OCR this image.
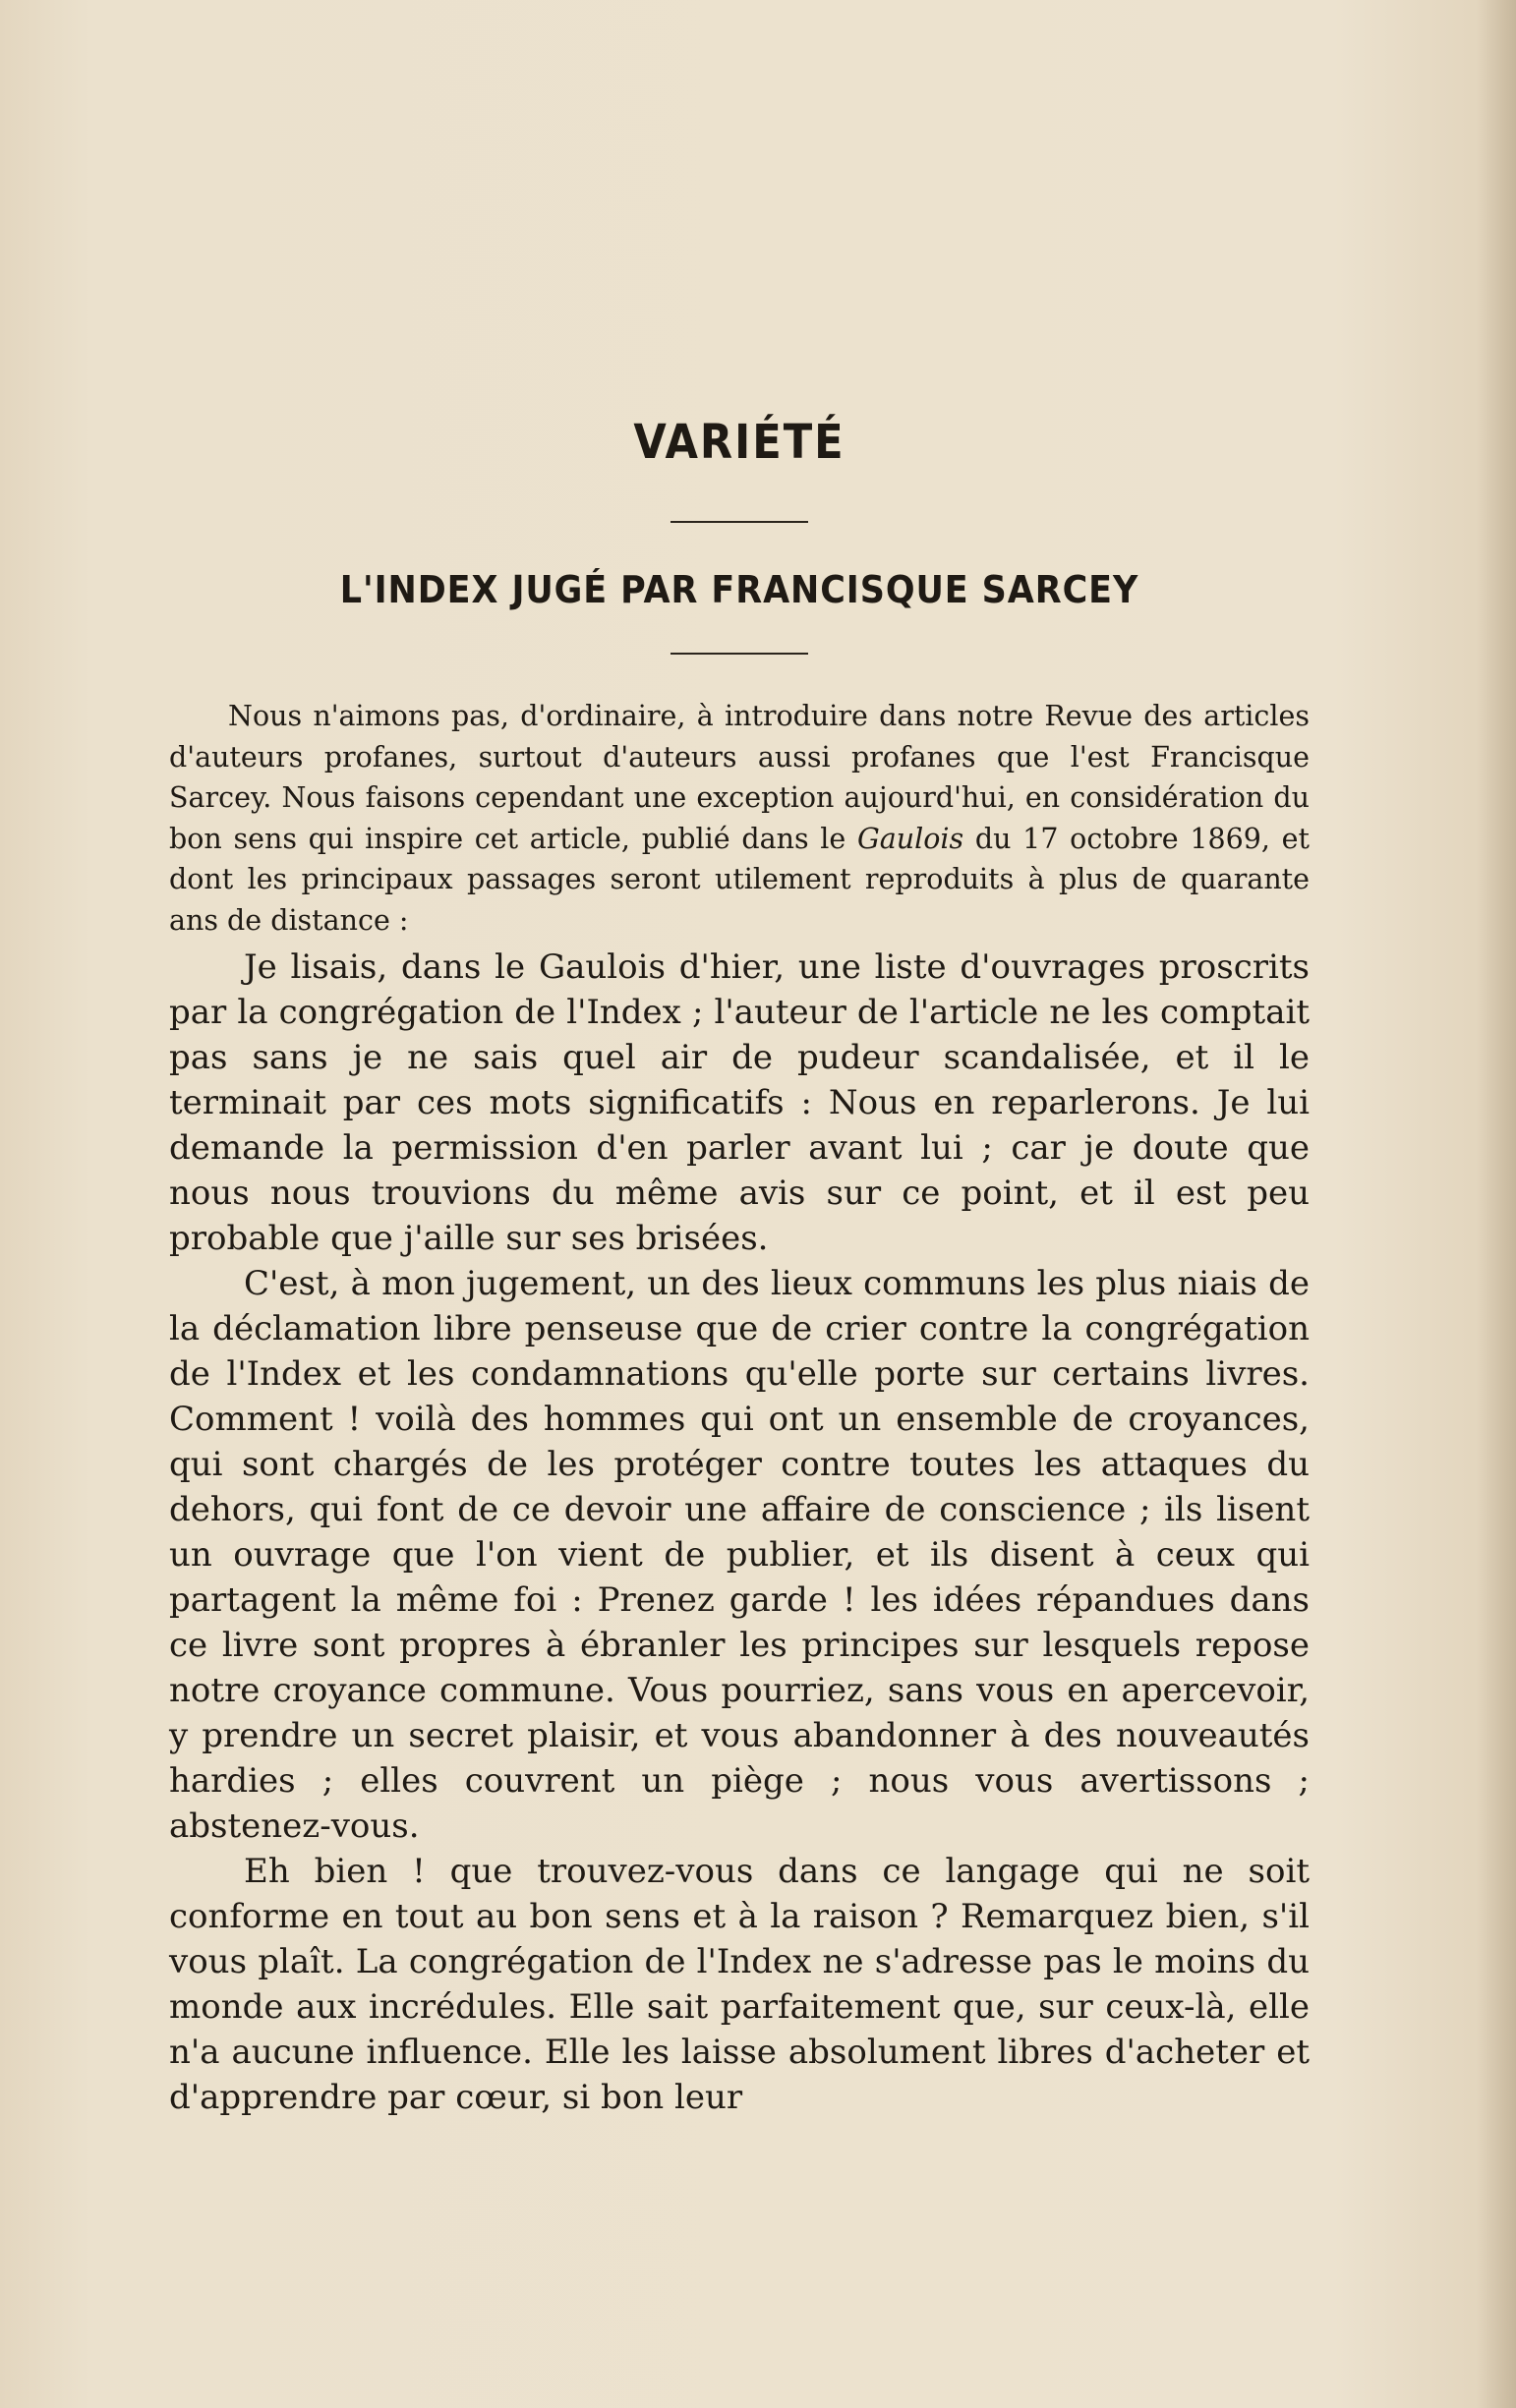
VARIÉTÉ
L'INDEX JUGÉ PAR FRANCISQUE SARCEY

Nous n'aimons pas, d'ordinaire, à introduire dans notre Revue des articles d'auteurs profanes, surtout d'auteurs aussi profanes que l'est Francisque Sarcey. Nous faisons cependant une exception aujourd'hui, en considération du bon sens qui inspire cet article, publié dans le Gaulois du 17 octobre 1869, et dont les principaux passages seront utilement reproduits à plus de quarante ans de distance :

Je lisais, dans le Gaulois d'hier, une liste d'ouvrages proscrits par la congrégation de l'Index ; l'auteur de l'article ne les comptait pas sans je ne sais quel air de pudeur scandalisée, et il le terminait par ces mots significatifs : Nous en reparlerons. Je lui demande la permission d'en parler avant lui ; car je doute que nous nous trouvions du même avis sur ce point, et il est peu probable que j'aille sur ses brisées.

C'est, à mon jugement, un des lieux communs les plus niais de la déclamation libre penseuse que de crier contre la congrégation de l'Index et les condamnations qu'elle porte sur certains livres. Comment ! voilà des hommes qui ont un ensemble de croyances, qui sont chargés de les protéger contre toutes les attaques du dehors, qui font de ce devoir une affaire de conscience ; ils lisent un ouvrage que l'on vient de publier, et ils disent à ceux qui partagent la même foi : Prenez garde ! les idées répandues dans ce livre sont propres à ébranler les principes sur lesquels repose notre croyance commune. Vous pourriez, sans vous en apercevoir, y prendre un secret plaisir, et vous abandonner à des nouveautés hardies ; elles couvrent un piège ; nous vous avertissons ; abstenez-vous.

Eh bien ! que trouvez-vous dans ce langage qui ne soit conforme en tout au bon sens et à la raison ? Remarquez bien, s'il vous plaît. La congrégation de l'Index ne s'adresse pas le moins du monde aux incrédules. Elle sait parfaitement que, sur ceux-là, elle n'a aucune influence. Elle les laisse absolument libres d'acheter et d'apprendre par cœur, si bon leur
